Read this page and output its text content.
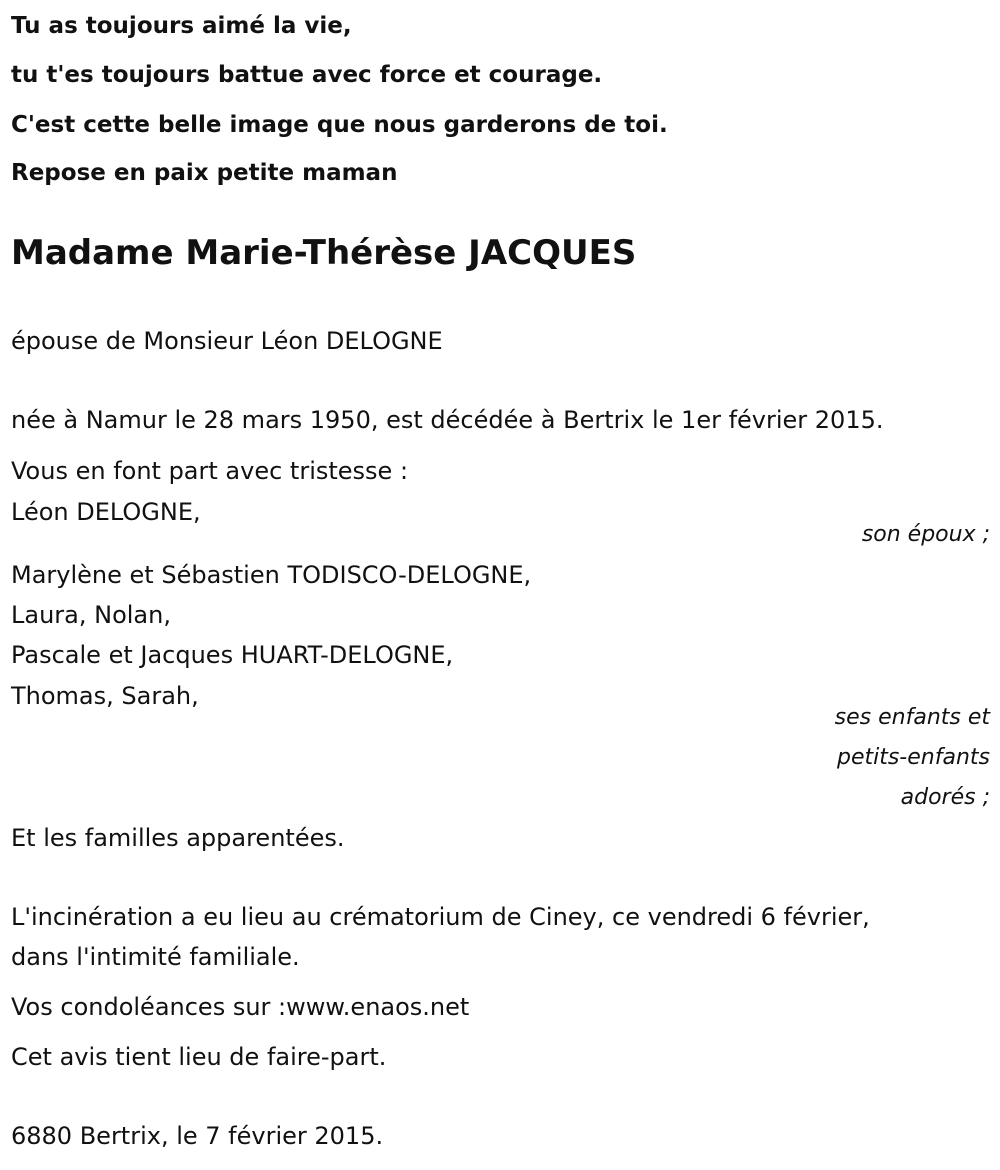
Tu as toujours aimé la vie,
tu t'es toujours battue avec force et courage.
C'est cette belle image que nous garderons de toi.
Repose en paix petite maman
Madame Marie-Thérèse JACQUES
épouse de Monsieur Léon DELOGNE
née à Namur le 28 mars 1950, est décédée à Bertrix le 1er février 2015.
Vous en font part avec tristesse :
Léon DELOGNE,
son époux ;
Marylène et Sébastien TODISCO-DELOGNE,
Laura, Nolan,
Pascale et Jacques HUART-DELOGNE,
Thomas, Sarah,
ses enfants et
petits-enfants
adorés ;
Et les familles apparentées.
L'incinération a eu lieu au crématorium de Ciney, ce vendredi 6 février,
dans l'intimité familiale.
Vos condoléances sur :www.enaos.net
Cet avis tient lieu de faire-part.
6880 Bertrix, le 7 février 2015.
